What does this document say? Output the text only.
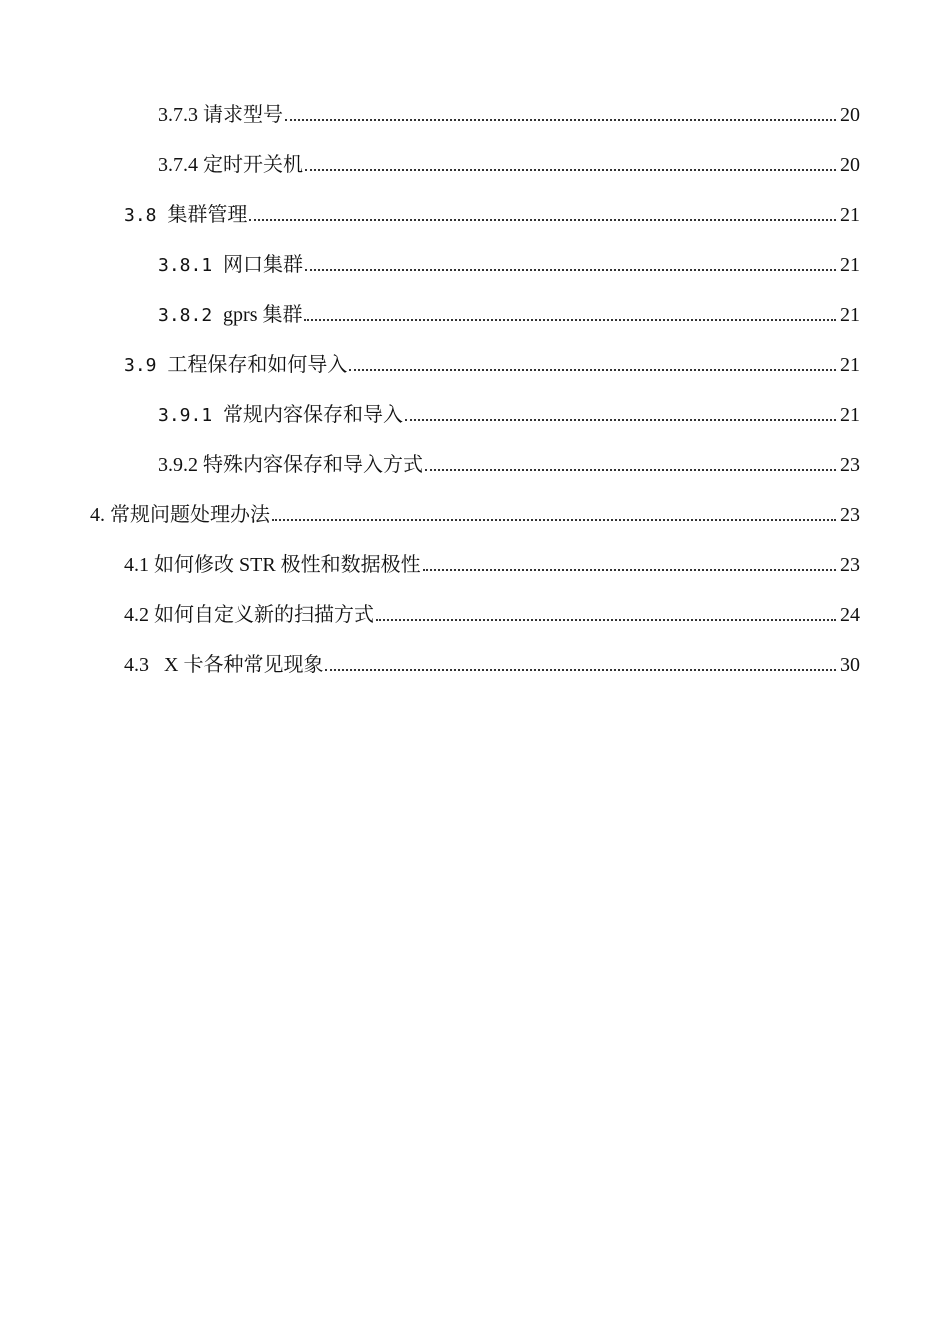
3.7.3 请求型号	20
3.7.4 定时开关机	20
3.8 集群管理	21
3.8.1 网口集群	21
3.8.2 gprs 集群	21
3.9 工程保存和如何导入	21
3.9.1 常规内容保存和导入	21
3.9.2 特殊内容保存和导入方式	23
4. 常规问题处理办法	23
4.1 如何修改 STR 极性和数据极性	23
4.2 如何自定义新的扫描方式	24
4.3 X 卡各种常见现象	30
